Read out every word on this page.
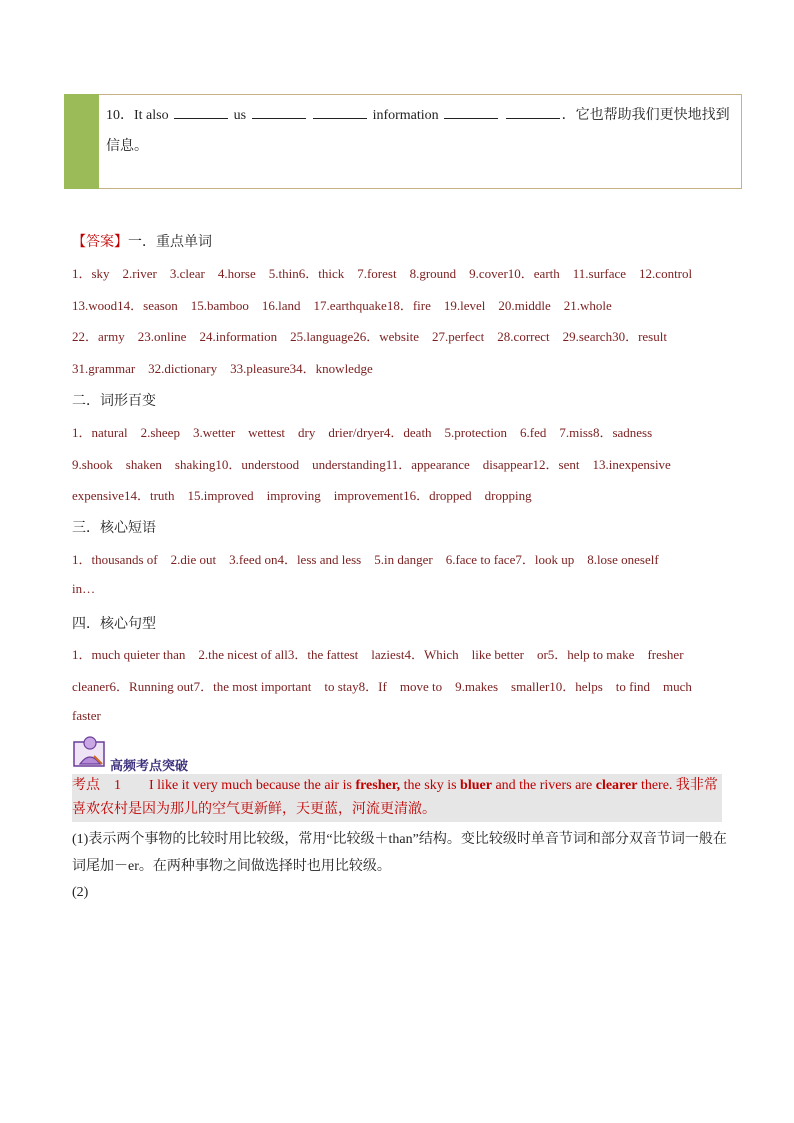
10．It also	us	information	．它也帮助我们更快地找到信息。
【答案】一．重点单词
1．sky　2.river　3.clear　4.horse　5.thin6．thick　7.forest　8.ground　9.cover10．earth　11.surface　12.control
13.wood14．season　15.bamboo　16.land　17.earthquake18．fire　19.level　20.middle　21.whole
22．army　23.online　24.information　25.language26．website　27.perfect　28.correct　29.search30．result
31.grammar　32.dictionary　33.pleasure34．knowledge
二．词形百变
1．natural　2.sheep　3.wetter　wettest　dry　drier/dryer4．death　5.protection　6.fed　7.miss8．sadness
9.shook　shaken　shaking10．understood　understanding11．appearance　disappear12．sent　13.inexpensive
expensive14．truth　15.improved　improving　improvement16．dropped　dropping
三．核心短语
1．thousands of　2.die out　3.feed on4．less and less　5.in danger　6.face to face7．look up　8.lose oneself
in…
四．核心句型
1．much quieter than　2.the nicest of all3．the fattest　laziest4．Which　like better　or5．help to make　fresher
cleaner6．Running out7．the most important　to stay8．If　move to　9.makes　smaller10．helps　to find　much
faster
高频考点突破
考点　1　　I like it very much because the air is fresher, the sky is bluer and the rivers are clearer there. 我非常喜欢农村是因为那儿的空气更新鲜，天更蓝，河流更清澈。
(1)表示两个事物的比较时用比较级，常用“比较级＋than”结构。变比较级时单音节词和部分双音节词一般在词尾加－er。在两种事物之间做选择时也用比较级。
(2)
